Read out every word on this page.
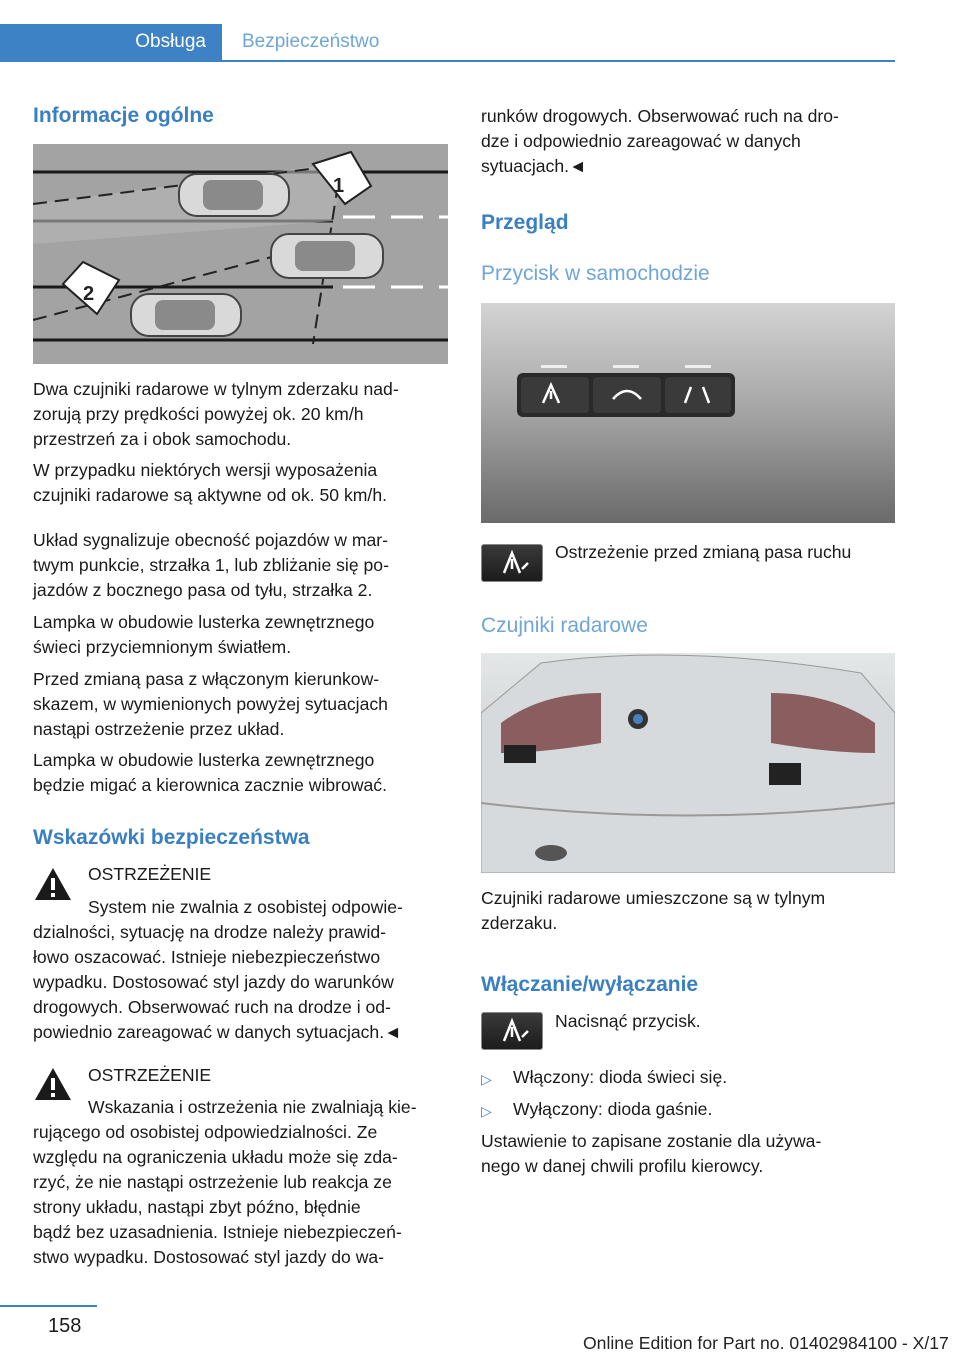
Obsługa	Bezpieczeństwo
Informacje ogólne
1
2
Dwa czujniki radarowe w tylnym zderzaku nad‐
zorują przy prędkości powyżej ok. 20 km/h
przestrzeń za i obok samochodu.
W przypadku niektórych wersji wyposażenia
czujniki radarowe są aktywne od ok. 50 km/h.
Układ sygnalizuje obecność pojazdów w mar‐
twym punkcie, strzałka 1, lub zbliżanie się po‐
jazdów z bocznego pasa od tyłu, strzałka 2.
Lampka w obudowie lusterka zewnętrznego
świeci przyciemnionym światłem.
Przed zmianą pasa z włączonym kierunkow‐
skazem, w wymienionych powyżej sytuacjach
nastąpi ostrzeżenie przez układ.
Lampka w obudowie lusterka zewnętrznego
będzie migać a kierownica zacznie wibrować.
Wskazówki bezpieczeństwa
OSTRZEŻENIE
System nie zwalnia z osobistej odpowie‐
dzialności, sytuację na drodze należy prawid‐
łowo oszacować. Istnieje niebezpieczeństwo
wypadku. Dostosować styl jazdy do warunków
drogowych. Obserwować ruch na drodze i od‐
powiednio zareagować w danych sytuacjach.◄
OSTRZEŻENIE
Wskazania i ostrzeżenia nie zwalniają kie‐
rującego od osobistej odpowiedzialności. Ze
względu na ograniczenia układu może się zda‐
rzyć, że nie nastąpi ostrzeżenie lub reakcja ze
strony układu, nastąpi zbyt późno, błędnie
bądź bez uzasadnienia. Istnieje niebezpieczeń‐
stwo wypadku. Dostosować styl jazdy do wa‐
runków drogowych. Obserwować ruch na dro‐
dze i odpowiednio zareagować w danych
sytuacjach.◄
Przegląd
Przycisk w samochodzie
Ostrzeżenie przed zmianą pasa ruchu
Czujniki radarowe
Czujniki radarowe umieszczone są w tylnym
zderzaku.
Włączanie/wyłączanie
Nacisnąć przycisk.
▷ Włączony: dioda świeci się.
▷ Wyłączony: dioda gaśnie.
Ustawienie to zapisane zostanie dla używa‐
nego w danej chwili profilu kierowcy.
158
Online Edition for Part no. 01402984100 - X/17
